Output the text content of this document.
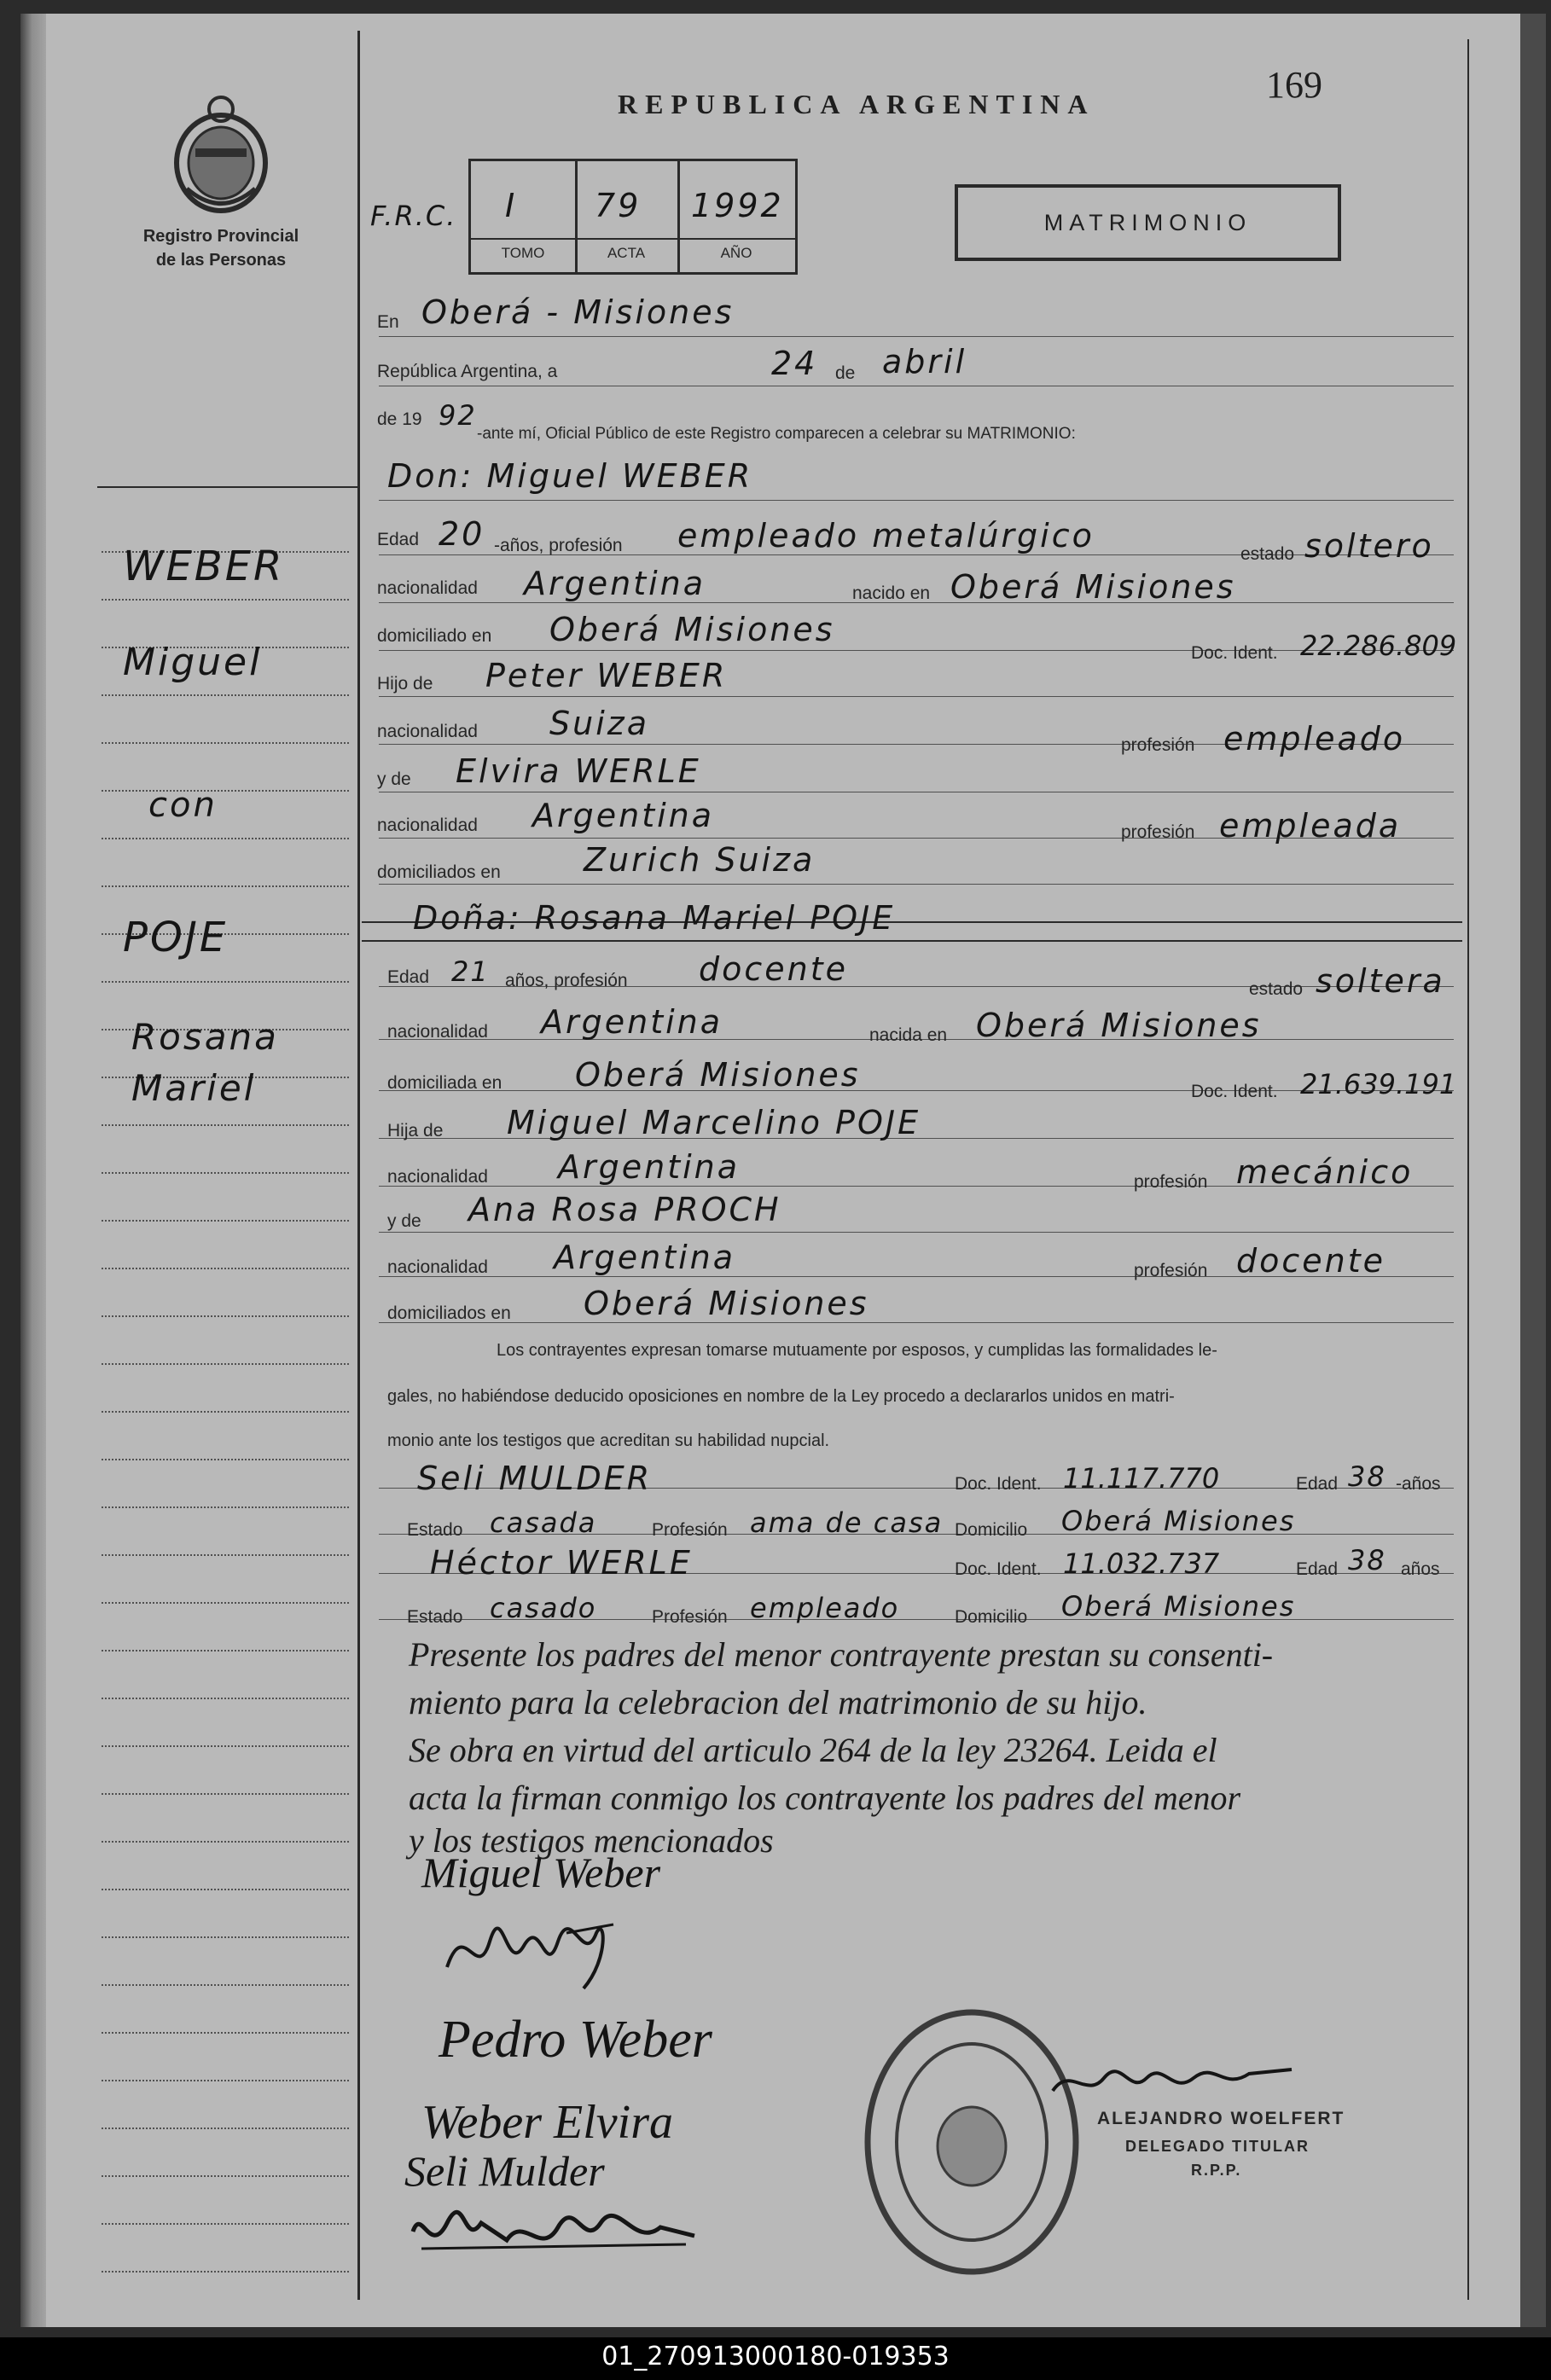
Registro Provincial
de las Personas
REPUBLICA ARGENTINA	169
F.R.C. I 79 1992
TOMO	ACTA	AÑO
MATRIMONIO
WEBER
Miguel
con
POJE
Rosana
Mariel
En Oberá - Misiones
República Argentina, a	24 de abril
de 19 92
-ante mí, Oficial Público de este Registro comparecen a celebrar su MATRIMONIO:
Don: Miguel WEBER
Edad 20 -años, profesión empleado metalúrgico	estado soltero
nacionalidad Argentina	nacido en Oberá Misiones
domiciliado en Oberá Misiones
Doc. Ident. 22.286.809
Hijo de Peter WEBER
nacionalidad Suiza
profesión empleado
y de Elvira WERLE
nacionalidad Argentina	profesión empleada
domiciliados en	Zurich Suiza
Doña: Rosana Mariel POJE
Edad 21 años, profesión docente
estado soltera
nacionalidad Argentina	nacida en Oberá Misiones
domiciliada en Oberá Misiones	Doc. Ident. 21.639.191
Hija de Miguel Marcelino POJE
nacionalidad Argentina	profesión mecánico
y de Ana Rosa PROCH
nacionalidad Argentina	profesión docente
domiciliados en Oberá Misiones
Los contrayentes expresan tomarse mutuamente por esposos, y cumplidas las formalidades le-
gales, no habiéndose deducido oposiciones en nombre de la Ley procedo a declararlos unidos en matri-
monio ante los testigos que acreditan su habilidad nupcial.
Seli MULDER	Doc. Ident. 11.117.770	Edad 38 -años
Estado casada	Profesión ama de casa Domicilio Oberá Misiones
Héctor WERLE	Doc. Ident. 11.032.737	Edad 38 años
Estado casado	Profesión empleado	Domicilio Oberá Misiones
Presente los padres del menor contrayente prestan su consenti-
miento para la celebracion del matrimonio de su hijo.
Se obra en virtud del articulo 264 de la ley 23264. Leida el
acta la firman conmigo los contrayente los padres del menor
y los testigos mencionados
Miguel Weber
Pedro Weber
Weber Elvira
Seli Mulder
ALEJANDRO WOELFERT
DELEGADO TITULAR
R.P.P.
01_270913000180-019353
